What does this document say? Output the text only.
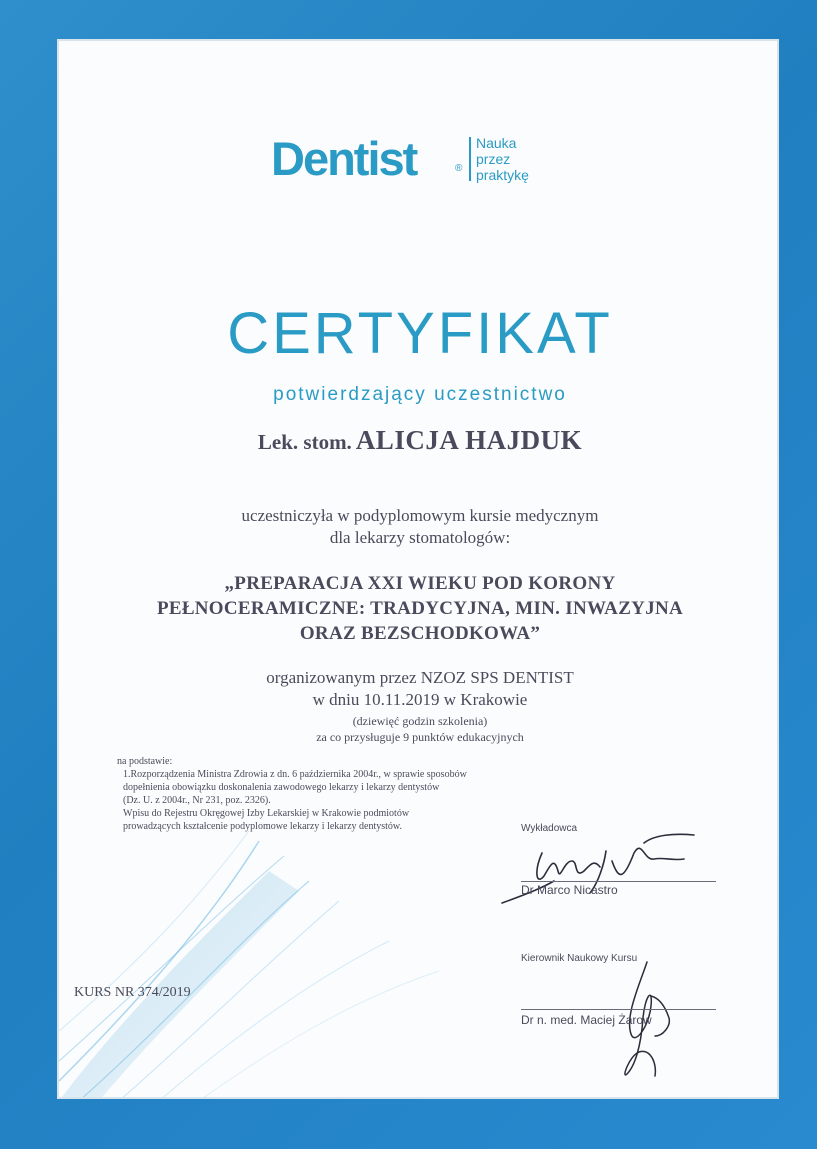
Dentist	®
Nauka
przez
praktykę
CERTYFIKAT
potwierdzający uczestnictwo
Lek. stom. ALICJA HAJDUK
uczestniczyła w podyplomowym kursie medycznym
dla lekarzy stomatologów:
„PREPARACJA XXI WIEKU POD KORONY
PEŁNOCERAMICZNE: TRADYCYJNA, MIN. INWAZYJNA
ORAZ BEZSCHODKOWA”
organizowanym przez NZOZ SPS DENTIST
w dniu 10.11.2019 w Krakowie
(dziewięć godzin szkolenia)
za co przysługuje 9 punktów edukacyjnych
na podstawie:
1.Rozporządzenia Ministra Zdrowia z dn. 6 października 2004r., w sprawie sposobów
dopełnienia obowiązku doskonalenia zawodowego lekarzy i lekarzy dentystów
(Dz. U. z 2004r., Nr 231, poz. 2326).
Wpisu do Rejestru Okręgowej Izby Lekarskiej w Krakowie podmiotów
prowadzących kształcenie podyplomowe lekarzy i lekarzy dentystów.
KURS NR 374/2019
Wykładowca
Dr Marco Nicastro
Kierownik Naukowy Kursu
Dr n. med. Maciej Żarow
